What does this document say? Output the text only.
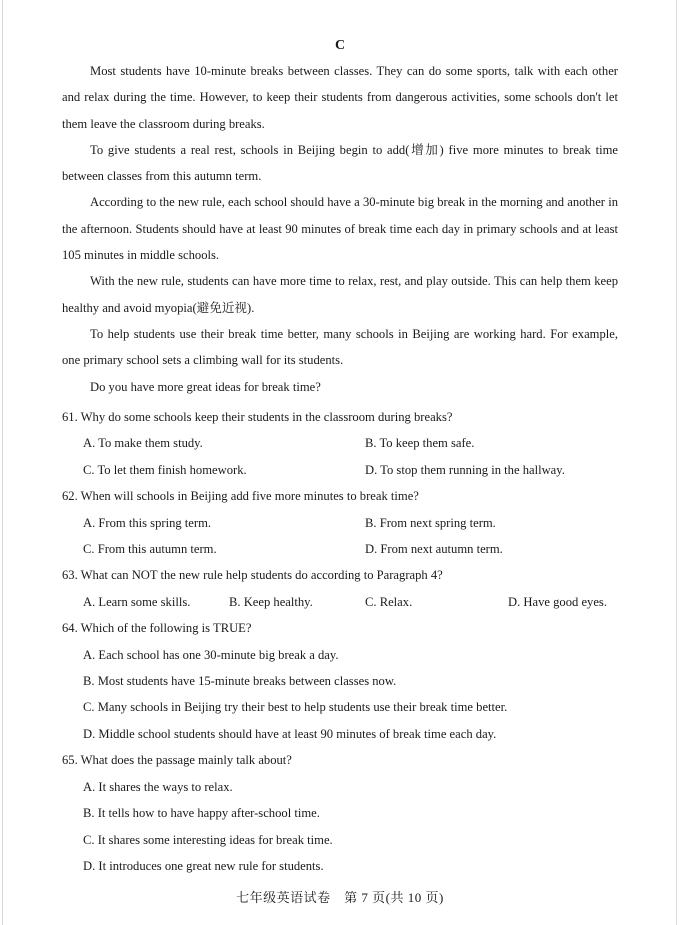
C

Most students have 10-minute breaks between classes. They can do some sports, talk with each other and relax during the time. However, to keep their students from dangerous activities, some schools don't let them leave the classroom during breaks.

To give students a real rest, schools in Beijing begin to add(增加) five more minutes to break time between classes from this autumn term.

According to the new rule, each school should have a 30-minute big break in the morning and another in the afternoon. Students should have at least 90 minutes of break time each day in primary schools and at least 105 minutes in middle schools.

With the new rule, students can have more time to relax, rest, and play outside. This can help them keep healthy and avoid myopia(避免近视).

To help students use their break time better, many schools in Beijing are working hard. For example, one primary school sets a climbing wall for its students.

Do you have more great ideas for break time?

61. Why do some schools keep their students in the classroom during breaks?
A. To make them study.	B. To keep them safe.
C. To let them finish homework.	D. To stop them running in the hallway.
62. When will schools in Beijing add five more minutes to break time?
A. From this spring term.	B. From next spring term.
C. From this autumn term.	D. From next autumn term.
63. What can NOT the new rule help students do according to Paragraph 4?
A. Learn some skills.	B. Keep healthy.	C. Relax.	D. Have good eyes.
64. Which of the following is TRUE?
A. Each school has one 30-minute big break a day.
B. Most students have 15-minute breaks between classes now.
C. Many schools in Beijing try their best to help students use their break time better.
D. Middle school students should have at least 90 minutes of break time each day.
65. What does the passage mainly talk about?
A. It shares the ways to relax.
B. It tells how to have happy after-school time.
C. It shares some interesting ideas for break time.
D. It introduces one great new rule for students.
七年级英语试卷　第 7 页(共 10 页)
